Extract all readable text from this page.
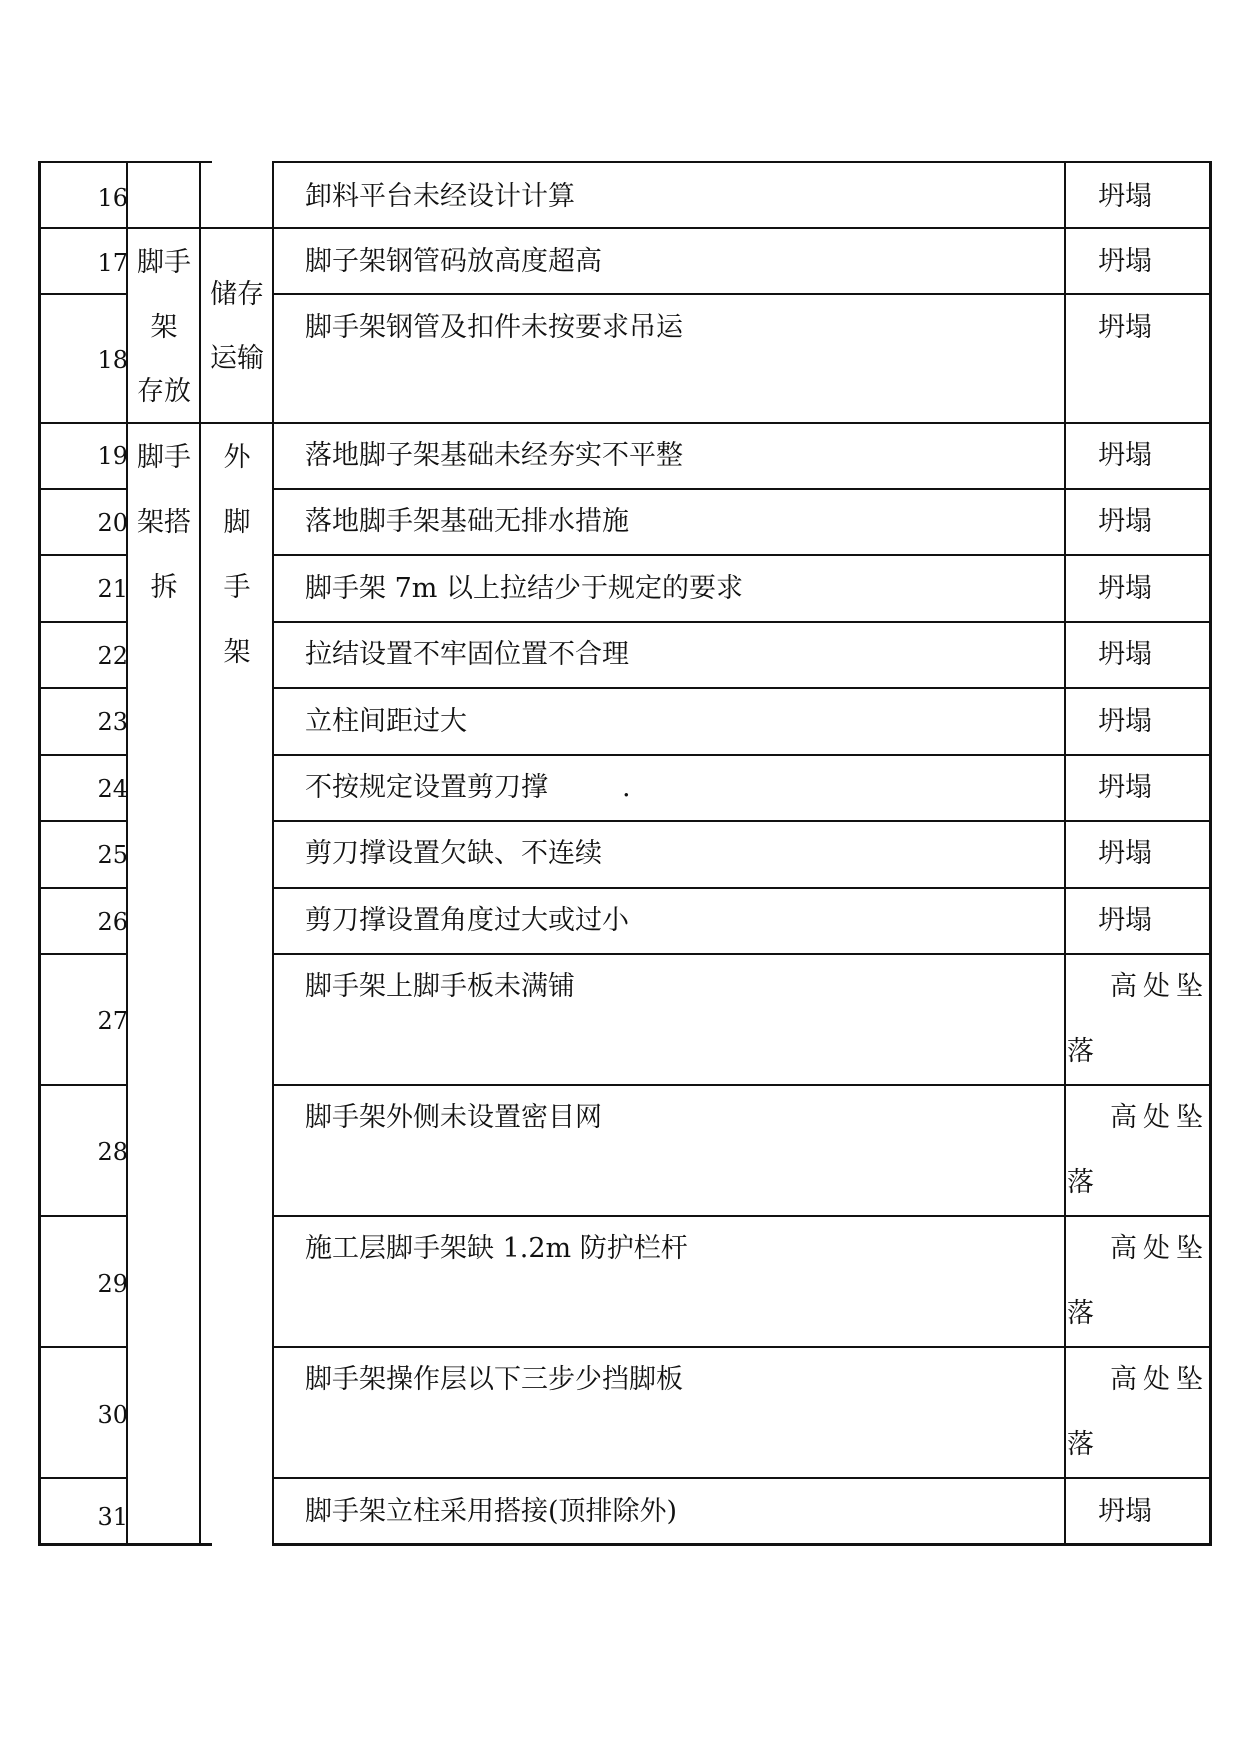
16
17
18
19
20
21
22
23
24
25
26
27
28
29
30
31
脚手
架
存放
脚手
架搭
拆
储存
运输
外
脚
手
架
卸料平台未经设计计算
脚子架钢管码放高度超高
脚手架钢管及扣件未按要求吊运
落地脚子架基础未经夯实不平整
落地脚手架基础无排水措施
脚手架 7m 以上拉结少于规定的要求
拉结设置不牢固位置不合理
立柱间距过大
不按规定设置剪刀撑	.
剪刀撑设置欠缺、不连续
剪刀撑设置角度过大或过小
脚手架上脚手板未满铺
脚手架外侧未设置密目网
施工层脚手架缺 1.2m 防护栏杆
脚手架操作层以下三步少挡脚板
脚手架立柱采用搭接(顶排除外)
坍塌
坍塌
坍塌
坍塌
坍塌
坍塌
坍塌
坍塌
坍塌
坍塌
坍塌
高处坠
落
高处坠
落
高处坠
落
高处坠
落
坍塌
